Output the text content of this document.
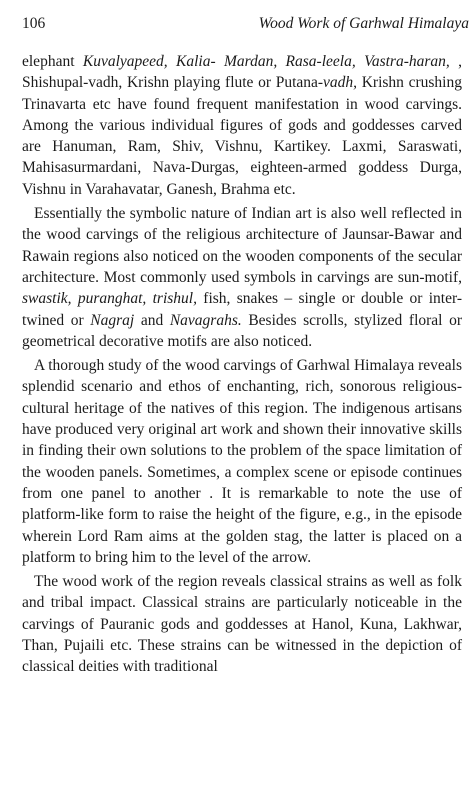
106	Wood Work of Garhwal Himalaya

elephant Kuvalyapeed, Kalia- Mardan, Rasa-leela, Vastra-haran, , Shishupal-vadh, Krishn playing flute or Putana-vadh, Krishn crushing Trinavarta etc have found frequent manifestation in wood carvings. Among the various individual figures of gods and goddesses carved are Hanuman, Ram, Shiv, Vishnu, Kartikey. Laxmi, Saraswati, Mahisasurmardani, Nava-Durgas, eighteen-armed goddess Durga, Vishnu in Varahavatar, Ganesh, Brahma etc.

Essentially the symbolic nature of Indian art is also well reflected in the wood carvings of the religious architecture of Jaunsar-Bawar and Rawain regions also noticed on the wooden components of the secular architecture. Most commonly used symbols in carvings are sun-motif, swastik, puranghat, trishul, fish, snakes – single or double or inter-twined or Nagraj and Navagrahs. Besides scrolls, stylized floral or geometrical decorative motifs are also noticed.

A thorough study of the wood carvings of Garhwal Himalaya reveals splendid scenario and ethos of enchanting, rich, sonorous religious- cultural heritage of the natives of this region. The indigenous artisans have produced very original art work and shown their innovative skills in finding their own solutions to the problem of the space limitation of the wooden panels. Sometimes, a complex scene or episode continues from one panel to another . It is remarkable to note the use of platform-like form to raise the height of the figure, e.g., in the episode wherein Lord Ram aims at the golden stag, the latter is placed on a platform to bring him to the level of the arrow.

The wood work of the region reveals classical strains as well as folk and tribal impact. Classical strains are particularly noticeable in the carvings of Pauranic gods and goddesses at Hanol, Kuna, Lakhwar, Than, Pujaili etc. These strains can be witnessed in the depiction of classical deities with traditional
